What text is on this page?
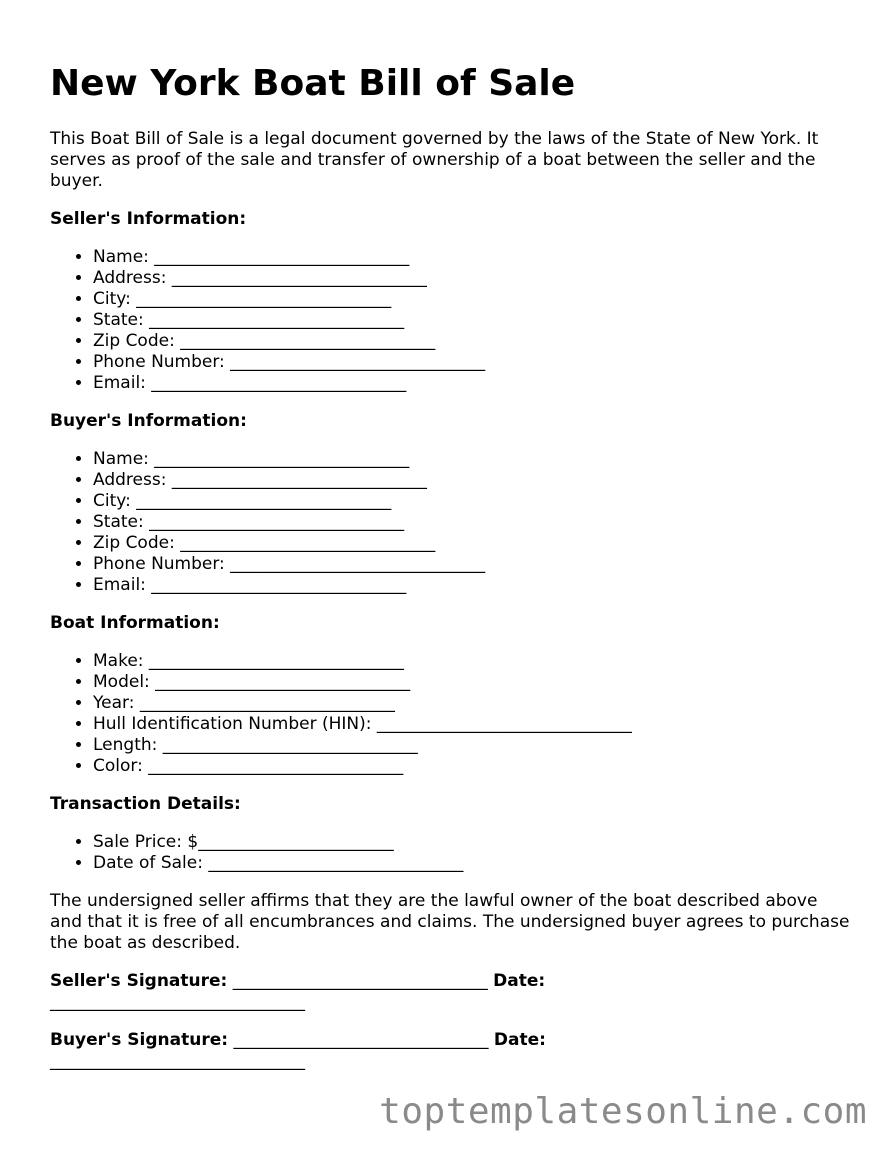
New York Boat Bill of Sale

This Boat Bill of Sale is a legal document governed by the laws of the State of New York. It serves as proof of the sale and transfer of ownership of a boat between the seller and the buyer.

Seller's Information:
• Name: ______________________________
• Address: ______________________________
• City: ______________________________
• State: ______________________________
• Zip Code: ______________________________
• Phone Number: ______________________________
• Email: ______________________________
Buyer's Information:
• Name: ______________________________
• Address: ______________________________
• City: ______________________________
• State: ______________________________
• Zip Code: ______________________________
• Phone Number: ______________________________
• Email: ______________________________
Boat Information:
• Make: ______________________________
• Model: ______________________________
• Year: ______________________________
• Hull Identification Number (HIN): ______________________________
• Length: ______________________________
• Color: ______________________________
Transaction Details:
• Sale Price: $_______________________
• Date of Sale: ______________________________

The undersigned seller affirms that they are the lawful owner of the boat described above and that it is free of all encumbrances and claims. The undersigned buyer agrees to purchase the boat as described.

Seller's Signature: ______________________________ Date:
______________________________

Buyer's Signature: ______________________________ Date:
______________________________

toptemplatesonline.com
